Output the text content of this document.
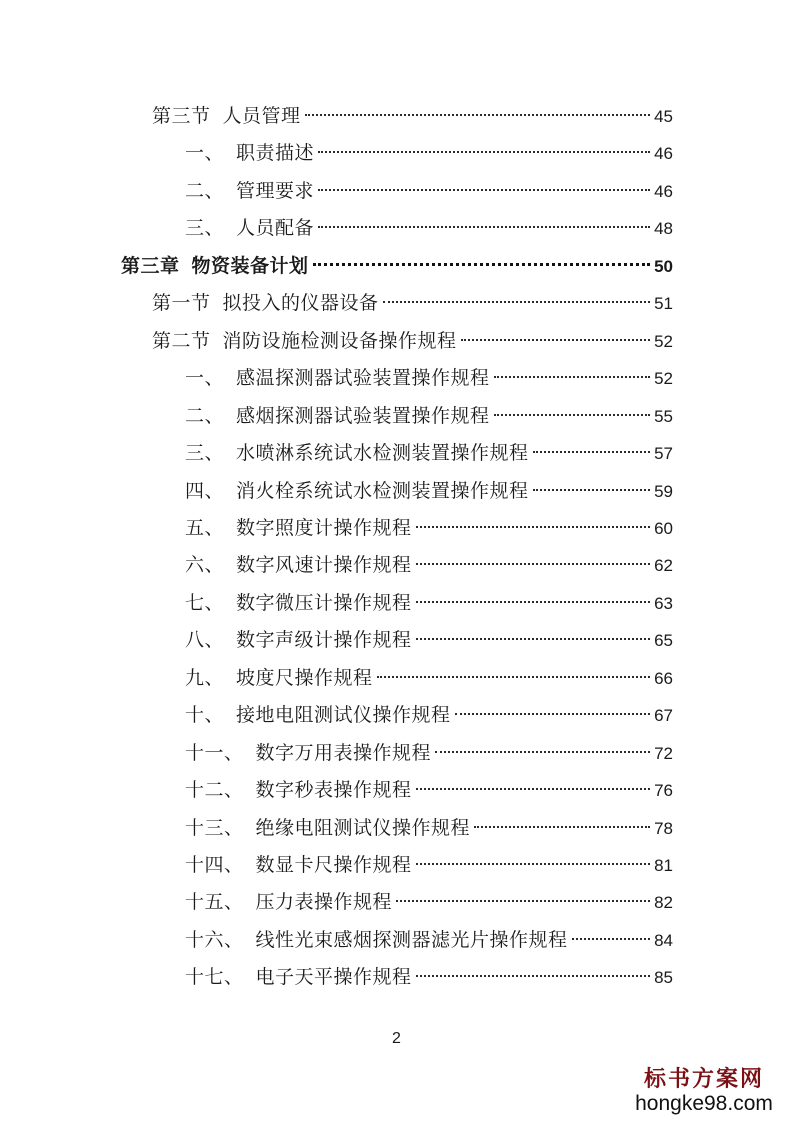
第三节 人员管理	45
一、 职责描述	46
二、 管理要求	46
三、 人员配备	48
第三章 物资装备计划	50
第一节 拟投入的仪器设备	51
第二节 消防设施检测设备操作规程	52
一、 感温探测器试验装置操作规程	52
二、 感烟探测器试验装置操作规程	55
三、 水喷淋系统试水检测装置操作规程	57
四、 消火栓系统试水检测装置操作规程	59
五、 数字照度计操作规程	60
六、 数字风速计操作规程	62
七、 数字微压计操作规程	63
八、 数字声级计操作规程	65
九、 坡度尺操作规程	66
十、 接地电阻测试仪操作规程	67
十一、 数字万用表操作规程	72
十二、 数字秒表操作规程	76
十三、 绝缘电阻测试仪操作规程	78
十四、 数显卡尺操作规程	81
十五、 压力表操作规程	82
十六、 线性光束感烟探测器滤光片操作规程	84
十七、 电子天平操作规程	85
2
标书方案网
hongke98.com
